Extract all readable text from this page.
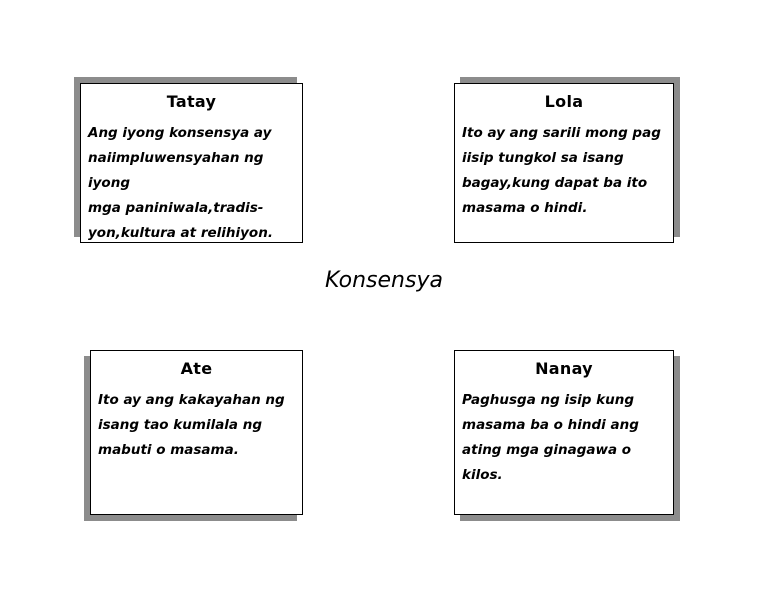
Tatay
Ang iyong konsensya ay
naiimpluwensyahan ng iyong
mga paniniwala,tradis-
yon,kultura at relihiyon.
Lola
Ito ay ang sarili mong pag
iisip tungkol sa isang
bagay,kung dapat ba ito
masama o hindi.
Konsensya
Ate
Ito ay ang kakayahan ng
isang tao kumilala ng
mabuti o masama.
Nanay
Paghusga ng isip kung
masama ba o hindi ang
ating mga ginagawa o
kilos.
